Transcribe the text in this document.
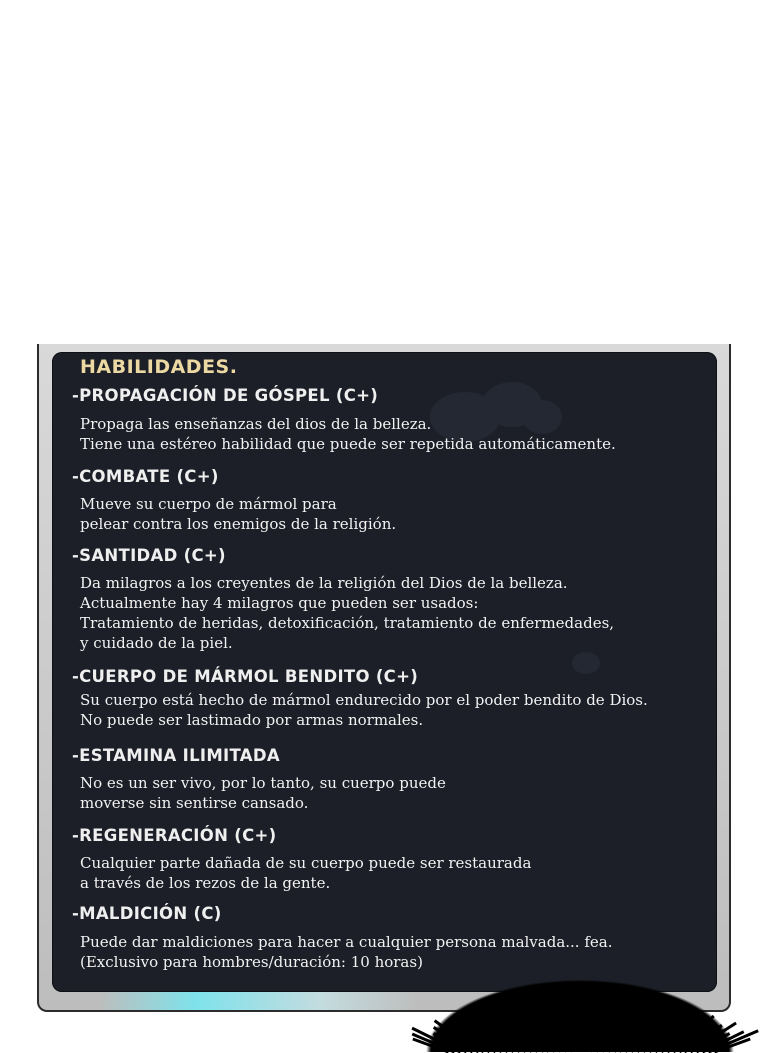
HABILIDADES.
-PROPAGACIÓN DE GÓSPEL (C+)

Propaga las enseñanzas del dios de la belleza.
Tiene una estéreo habilidad que puede ser repetida automáticamente.

-COMBATE (C+)

Mueve su cuerpo de mármol para
pelear contra los enemigos de la religión.

-SANTIDAD (C+)

Da milagros a los creyentes de la religión del Dios de la belleza.
Actualmente hay 4 milagros que pueden ser usados:
Tratamiento de heridas, detoxificación, tratamiento de enfermedades,
y cuidado de la piel.

-CUERPO DE MÁRMOL BENDITO (C+)

Su cuerpo está hecho de mármol endurecido por el poder bendito de Dios.
No puede ser lastimado por armas normales.

-ESTAMINA ILIMITADA

No es un ser vivo, por lo tanto, su cuerpo puede
moverse sin sentirse cansado.

-REGENERACIÓN (C+)

Cualquier parte dañada de su cuerpo puede ser restaurada
a través de los rezos de la gente.

-MALDICIÓN (C)

Puede dar maldiciones para hacer a cualquier persona malvada... fea.
(Exclusivo para hombres/duración: 10 horas)
